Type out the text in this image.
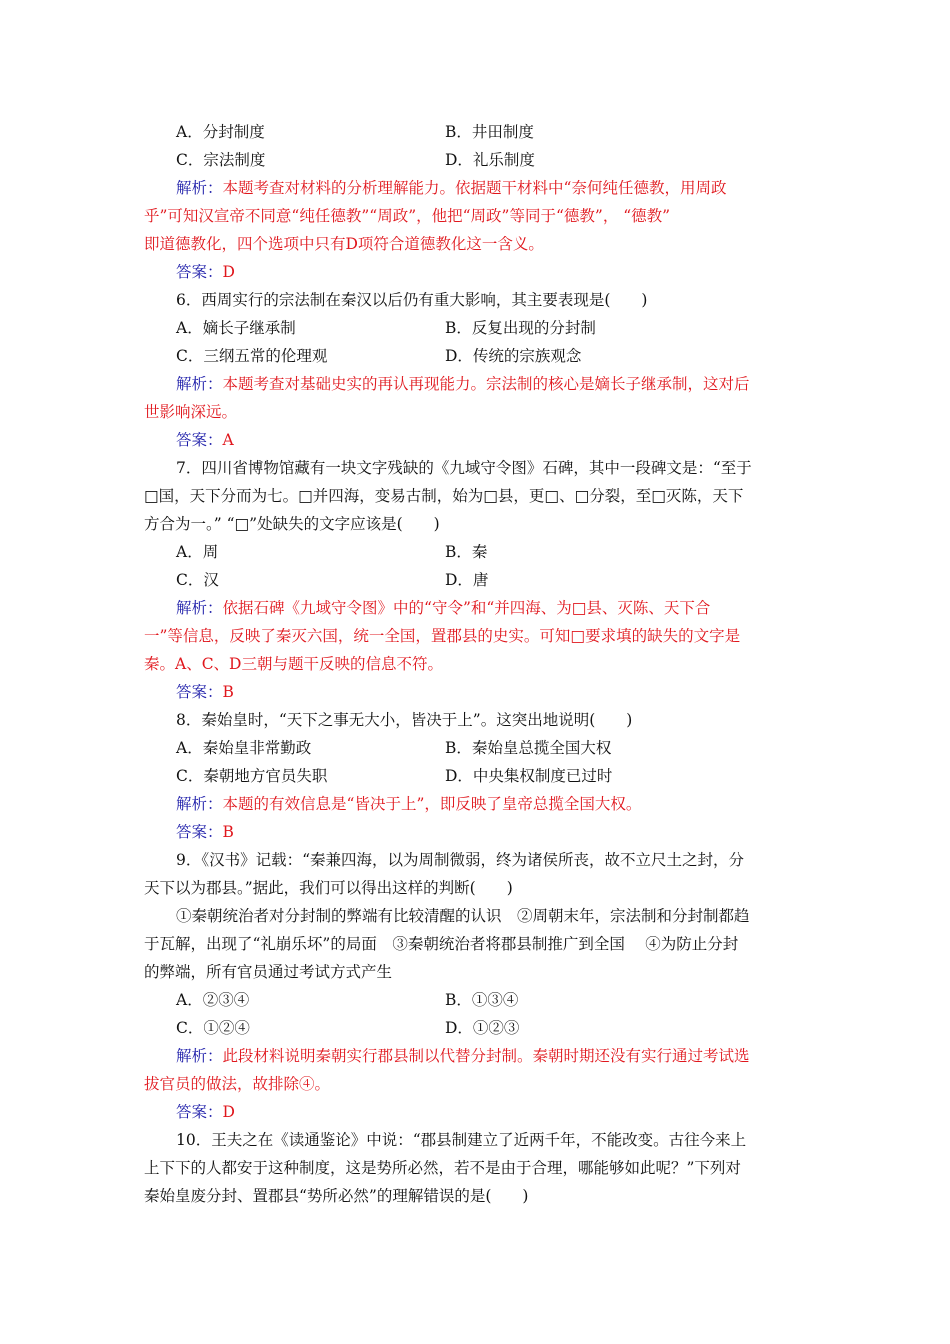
A．分封制度	B．井田制度
C．宗法制度	D．礼乐制度
解析：本题考查对材料的分析理解能力。依据题干材料中“奈何纯任德教，用周政
乎”可知汉宣帝不同意“纯任德教”“周政”，他把“周政”等同于“德教”， “德教”
即道德教化，四个选项中只有D项符合道德教化这一含义。
答案：D
6．西周实行的宗法制在秦汉以后仍有重大影响，其主要表现是(　　)
A．嫡长子继承制	B．反复出现的分封制
C．三纲五常的伦理观	D．传统的宗族观念
解析：本题考查对基础史实的再认再现能力。宗法制的核心是嫡长子继承制，这对后
世影响深远。
答案：A
7．四川省博物馆藏有一块文字残缺的《九域守令图》石碑，其中一段碑文是：“至于
□国，天下分而为七。□并四海，变易古制，始为□县，更□、□分裂，至□灭陈，天下
方合为一。” “□”处缺失的文字应该是(　　)
A．周	B．秦
C．汉	D．唐
解析：依据石碑《九域守令图》中的“守令”和“并四海、为□县、灭陈、天下合
一”等信息，反映了秦灭六国，统一全国，置郡县的史实。可知□要求填的缺失的文字是
秦。A、C、D三朝与题干反映的信息不符。
答案：B
8．秦始皇时，“天下之事无大小，皆决于上”。这突出地说明(　　)
A．秦始皇非常勤政	B．秦始皇总揽全国大权
C．秦朝地方官员失职	D．中央集权制度已过时
解析：本题的有效信息是“皆决于上”，即反映了皇帝总揽全国大权。
答案：B
9．《汉书》记载：“秦兼四海，以为周制微弱，终为诸侯所丧，故不立尺土之封，分
天下以为郡县。”据此，我们可以得出这样的判断(　　)
①秦朝统治者对分封制的弊端有比较清醒的认识　②周朝末年，宗法制和分封制都趋
于瓦解，出现了“礼崩乐坏”的局面　③秦朝统治者将郡县制推广到全国　 ④为防止分封
的弊端，所有官员通过考试方式产生
A．②③④	B．①③④
C．①②④	D．①②③
解析：此段材料说明秦朝实行郡县制以代替分封制。秦朝时期还没有实行通过考试选
拔官员的做法，故排除④。
答案：D
10．王夫之在《读通鉴论》中说：“郡县制建立了近两千年，不能改变。古往今来上
上下下的人都安于这种制度，这是势所必然，若不是由于合理，哪能够如此呢？”下列对
秦始皇废分封、置郡县“势所必然”的理解错误的是(　　)
